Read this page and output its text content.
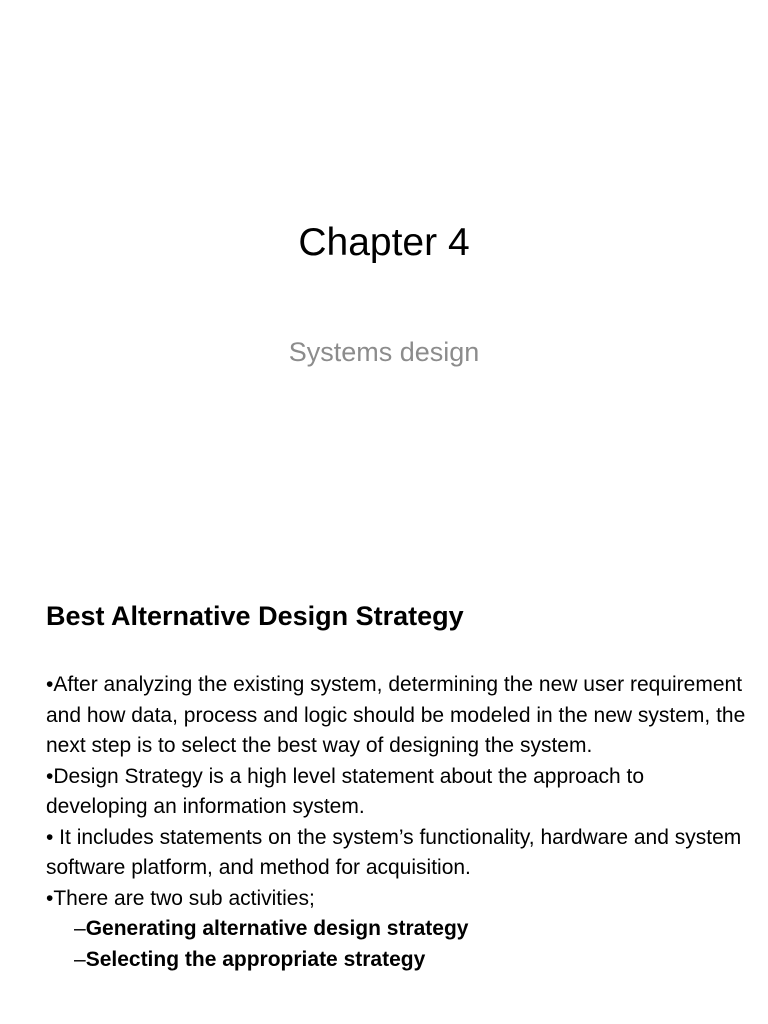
Chapter 4
Systems design
Best Alternative Design Strategy

•After analyzing the existing system, determining the new user requirement and how data, process and logic should be modeled in the new system, the next step is to select the best way of designing the system.

•Design Strategy is a high level statement about the approach to developing an information system.

• It includes statements on the system’s functionality, hardware and system software platform, and method for acquisition.

•There are two sub activities;

–Generating alternative design strategy

–Selecting the appropriate strategy
